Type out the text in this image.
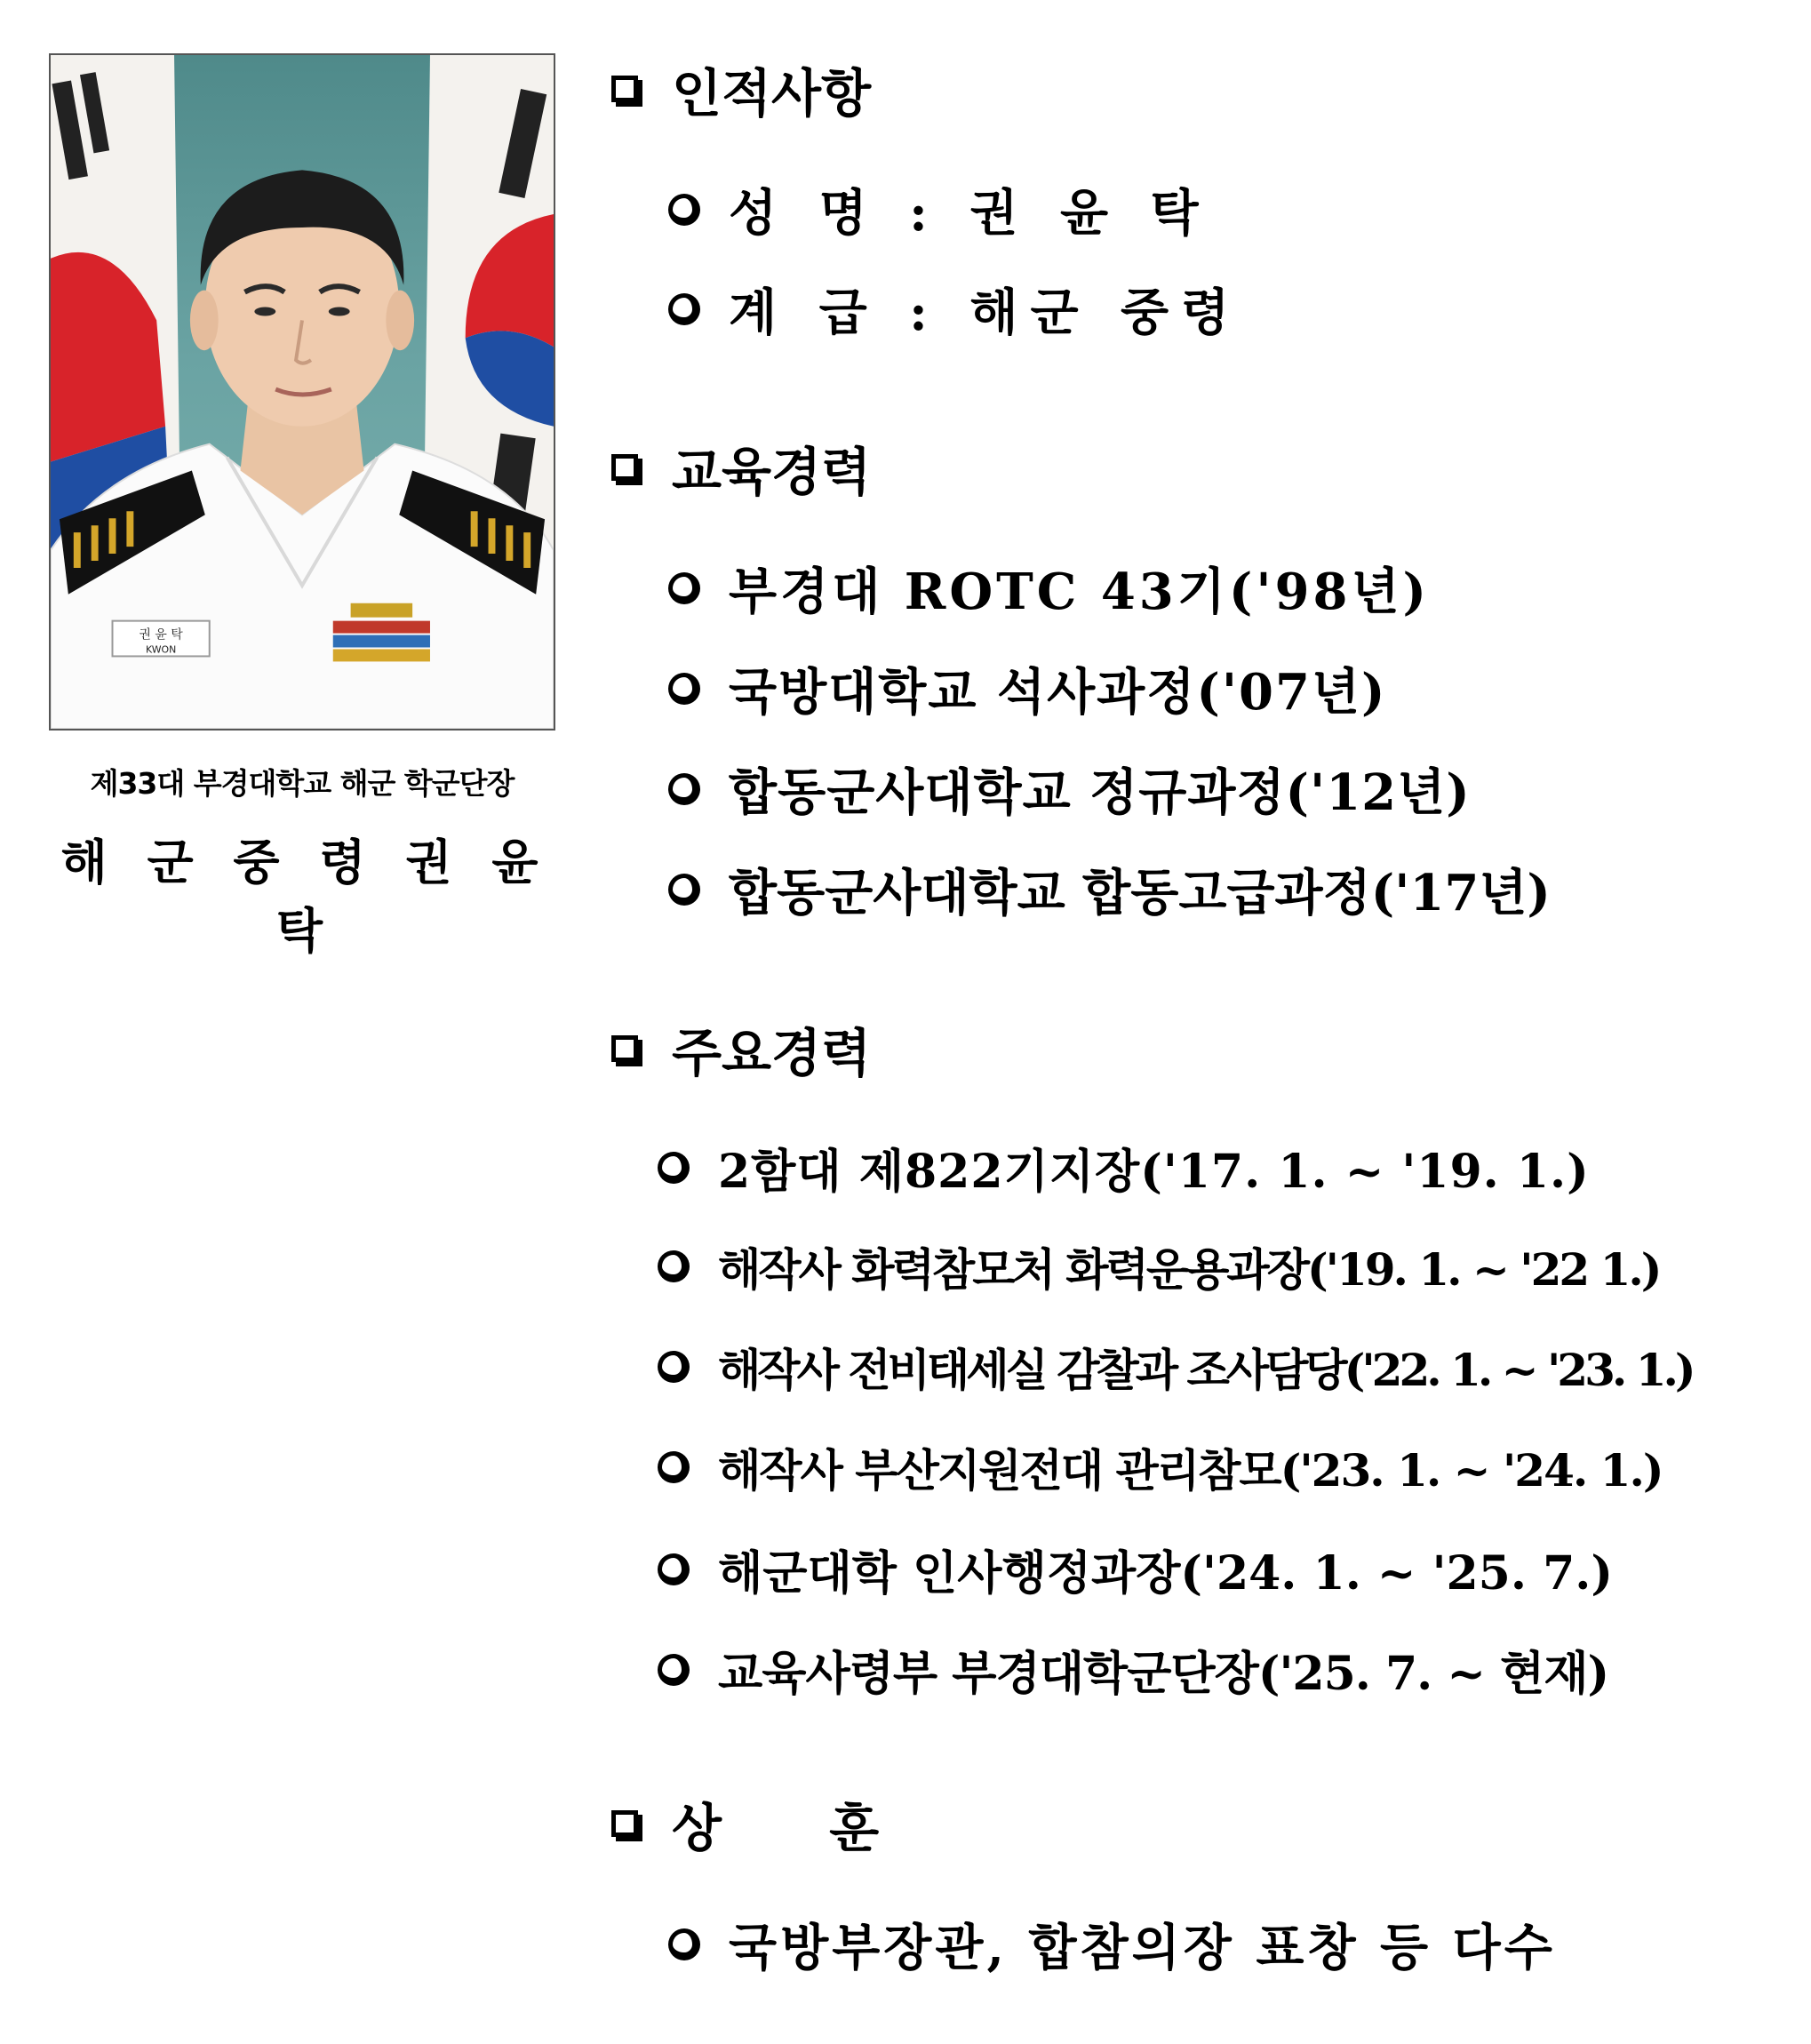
권 윤 탁
KWON
제33대 부경대학교 해군 학군단장
해 군 중 령 권 윤 탁
인적사항
성 명 : 권 윤 탁
계 급 : 해군 중령
교육경력
부경대 ROTC 43기('98년)
국방대학교 석사과정('07년)
합동군사대학교 정규과정('12년)
합동군사대학교 합동고급과정('17년)
주요경력
2함대 제822기지장('17. 1. ~ '19. 1.)
해작사 화력참모처 화력운용과장('19. 1. ~ '22 1.)
해작사 전비태세실 감찰과 조사담당('22. 1. ~ '23. 1.)
해작사 부산지원전대 관리참모('23. 1. ~ '24. 1.)
해군대학 인사행정과장('24. 1. ~ '25. 7.)
교육사령부 부경대학군단장('25. 7. ~ 현재)
상      훈
국방부장관, 합참의장 표창 등 다수
